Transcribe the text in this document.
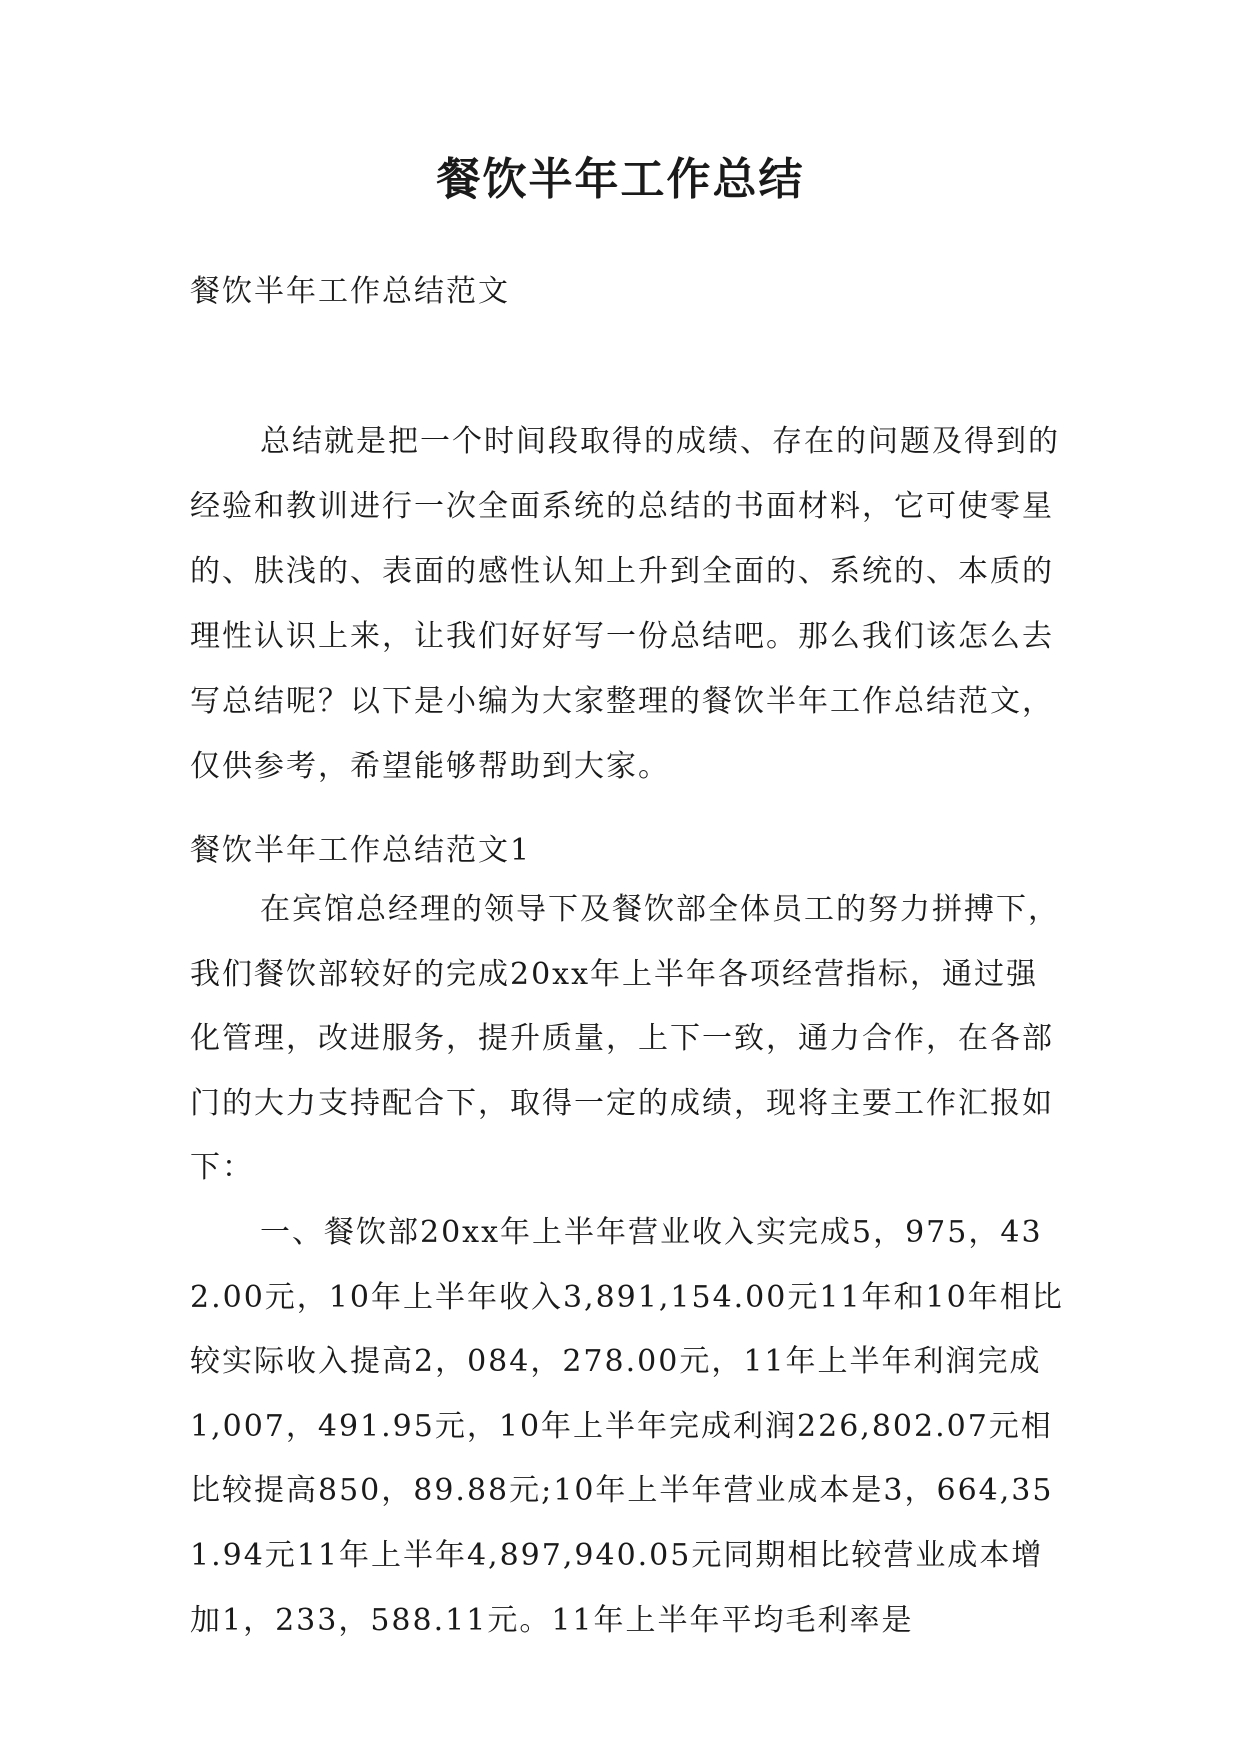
餐饮半年工作总结
餐饮半年工作总结范文

总结就是把一个时间段取得的成绩、存在的问题及得到的经验和教训进行一次全面系统的总结的书面材料，它可使零星的、肤浅的、表面的感性认知上升到全面的、系统的、本质的理性认识上来，让我们好好写一份总结吧。那么我们该怎么去写总结呢？以下是小编为大家整理的餐饮半年工作总结范文，仅供参考，希望能够帮助到大家。

餐饮半年工作总结范文1

在宾馆总经理的领导下及餐饮部全体员工的努力拼搏下，我们餐饮部较好的完成20xx年上半年各项经营指标，通过强化管理，改进服务，提升质量，上下一致，通力合作，在各部门的大力支持配合下，取得一定的成绩，现将主要工作汇报如下：

一、餐饮部20xx年上半年营业收入实完成5，975，432.00元，10年上半年收入3,891,154.00元11年和10年相比较实际收入提高2，084，278.00元，11年上半年利润完成1,007，491.95元，10年上半年完成利润226,802.07元相比较提高850，89.88元;10年上半年营业成本是3，664,351.94元11年上半年4,897,940.05元同期相比较营业成本增加1，233，588.11元。11年上半年平均毛利率是
